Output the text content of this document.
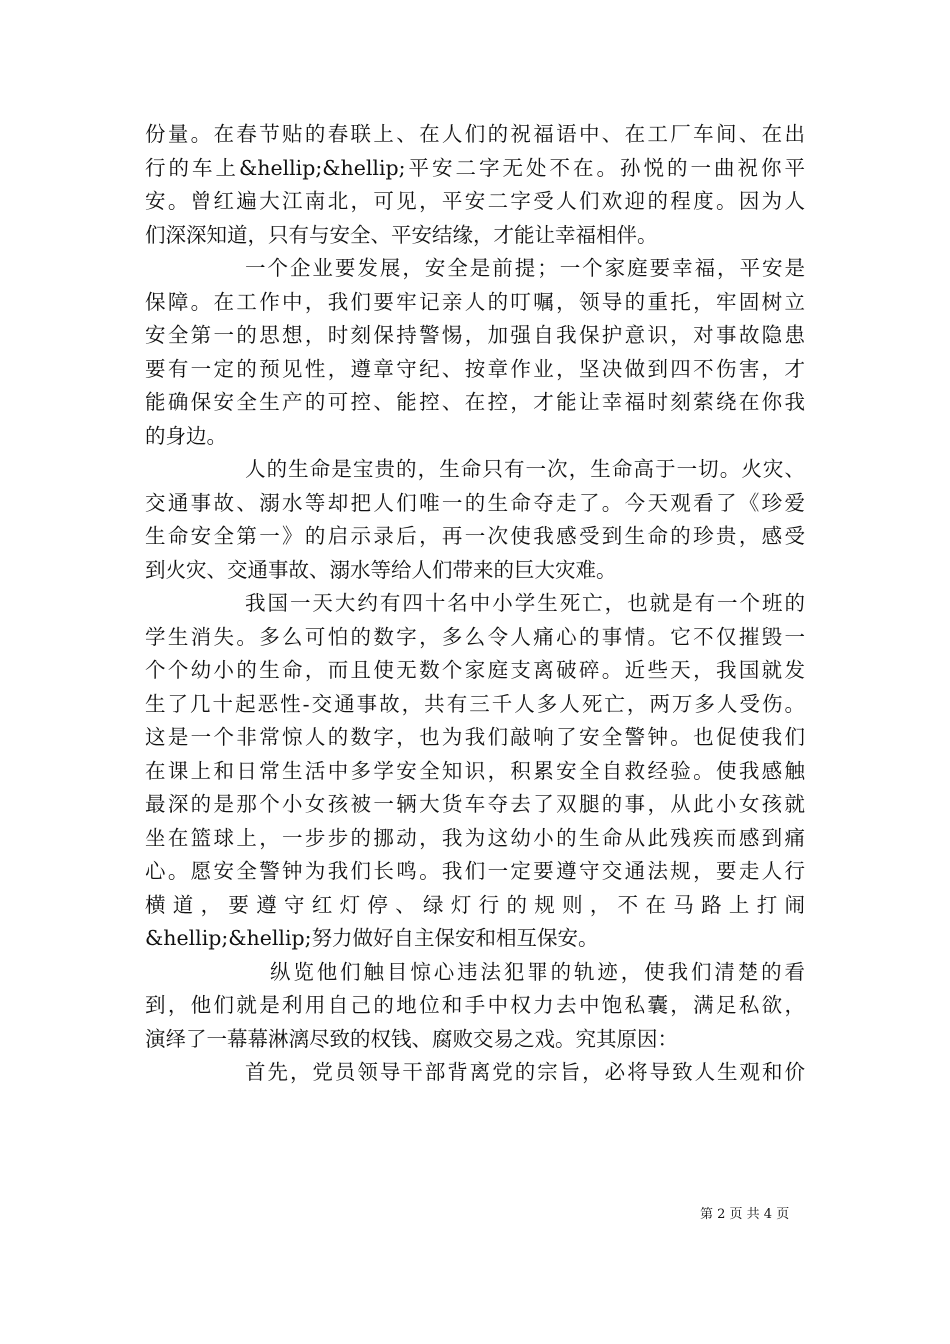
份量。在春节贴的春联上、在人们的祝福语中、在工厂车间、在出
行的车上&hellip;&hellip;平安二字无处不在。孙悦的一曲祝你平
安。曾红遍大江南北，可见，平安二字受人们欢迎的程度。因为人
们深深知道，只有与安全、平安结缘，才能让幸福相伴。
一个企业要发展，安全是前提；一个家庭要幸福，平安是
保障。在工作中，我们要牢记亲人的叮嘱，领导的重托，牢固树立
安全第一的思想，时刻保持警惕，加强自我保护意识，对事故隐患
要有一定的预见性，遵章守纪、按章作业，坚决做到四不伤害，才
能确保安全生产的可控、能控、在控，才能让幸福时刻萦绕在你我
的身边。
人的生命是宝贵的，生命只有一次，生命高于一切。火灾、
交通事故、溺水等却把人们唯一的生命夺走了。今天观看了《珍爱
生命安全第一》的启示录后，再一次使我感受到生命的珍贵，感受
到火灾、交通事故、溺水等给人们带来的巨大灾难。
我国一天大约有四十名中小学生死亡，也就是有一个班的
学生消失。多么可怕的数字，多么令人痛心的事情。它不仅摧毁一
个个幼小的生命，而且使无数个家庭支离破碎。近些天，我国就发
生了几十起恶性-交通事故，共有三千人多人死亡，两万多人受伤。
这是一个非常惊人的数字，也为我们敲响了安全警钟。也促使我们
在课上和日常生活中多学安全知识，积累安全自救经验。使我感触
最深的是那个小女孩被一辆大货车夺去了双腿的事，从此小女孩就
坐在篮球上，一步步的挪动，我为这幼小的生命从此残疾而感到痛
心。愿安全警钟为我们长鸣。我们一定要遵守交通法规，要走人行
横道，要遵守红灯停、绿灯行的规则，不在马路上打闹
&hellip;&hellip;努力做好自主保安和相互保安。
纵览他们触目惊心违法犯罪的轨迹，使我们清楚的看
到，他们就是利用自己的地位和手中权力去中饱私囊，满足私欲，
演绎了一幕幕淋漓尽致的权钱、腐败交易之戏。究其原因：
首先，党员领导干部背离党的宗旨，必将导致人生观和价
第 2 页 共 4 页
